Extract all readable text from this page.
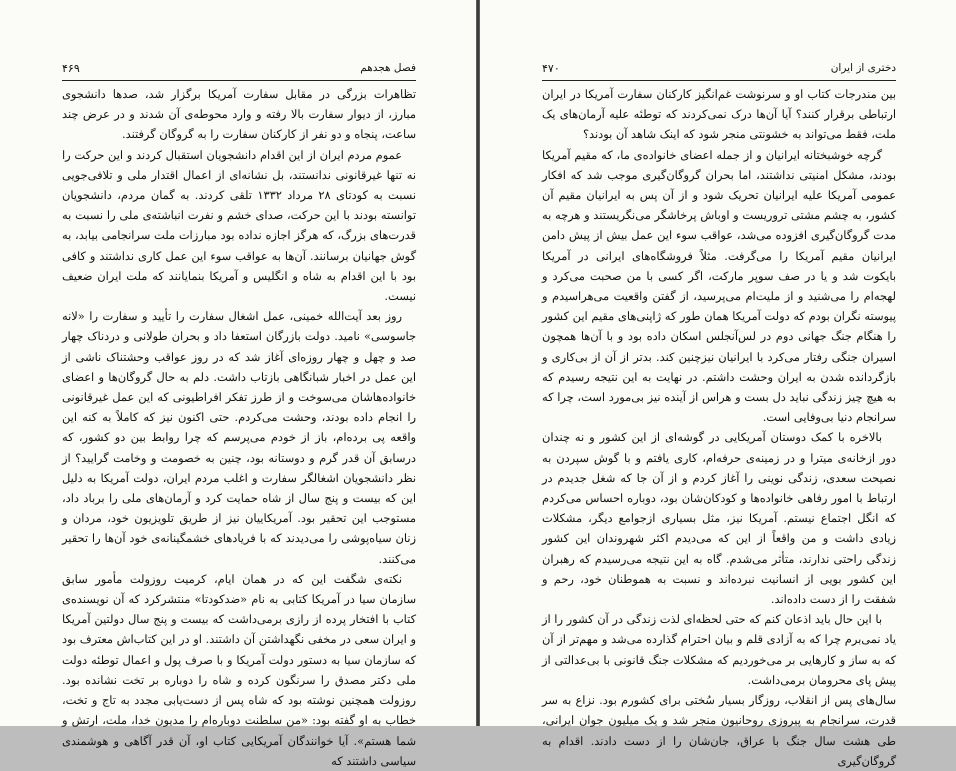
۴۶۹	فصل هجدهم

تظاهرات بزرگی در مقابل سفارت آمریکا برگزار شد، صدها دانشجوی مبارز، از دیوار سفارت بالا رفته و وارد محوطه‌ی آن شدند و در عرض چند ساعت، پنجاه و دو نفر از کارکنان سفارت را به گروگان گرفتند.

عموم مردم ایران از این اقدام دانشجویان استقبال کردند و این حرکت را نه تنها غیرقانونی ندانستند، بل نشانه‌ای از اعمال اقتدار ملی و تلافی‌جویی نسبت به کودتای ۲۸ مرداد ۱۳۳۲ تلقی کردند. به گمان مردم، دانشجویان توانسته بودند با این حرکت، صدای خشم و نفرت انباشته‌ی ملی را نسبت به قدرت‌های بزرگ، که هرگز اجازه نداده بود مبارزات ملت سرانجامی بیابد، به گوش جهانیان برسانند. آن‌ها به عواقب سوء این عمل کاری نداشتند و کافی بود با این اقدام به شاه و انگلیس و آمریکا بنمایانند که ملت ایران ضعیف نیست.

روز بعد آیت‌الله خمینی، عمل اشغال سفارت را تأیید و سفارت را «لانه جاسوسی» نامید. دولت بازرگان استعفا داد و بحران طولانی و دردناک چهار صد و چهل و چهار روزه‌ای آغاز شد که در روز عواقب وحشتناک ناشی از این عمل در اخبار شبانگاهی بازتاب داشت. دلم به حال گروگان‌ها و اعضای خانواده‌هاشان می‌سوخت و از طرز تفکر افراطیونی که این عمل غیرقانونی را انجام داده بودند، وحشت می‌کردم. حتی اکنون نیز که کاملاً به کنه این واقعه پی برده‌ام، باز از خودم می‌پرسم که چرا روابط بین دو کشور، که درسابق آن قدر گرم و دوستانه بود، چنین به خصومت و وخامت گرایید؟ از نظر دانشجویان اشغالگر سفارت و اغلب مردم ایران، دولت آمریکا به دلیل این که بیست و پنج سال از شاه حمایت کرد و آرمان‌های ملی را برباد داد، مستوجب این تحقیر بود. آمریکاییان نیز از طریق تلویزیون خود، مردان و زنان سیاه‌پوشی را می‌دیدند که با فریادهای خشمگینانه‌ی خود آن‌ها را تحقیر می‌کنند.

نکته‌ی شگفت این که در همان ایام، کرمیت روزولت مأمور سابق سازمان سیا در آمریکا کتابی به نام «ضدکودتا» منتشرکرد که آن نویسنده‌ی کتاب با افتخار پرده از رازی برمی‌داشت که بیست و پنج سال دولتین آمریکا و ایران سعی در مخفی نگهداشتن آن داشتند. او در این کتاب‌اش معترف بود که سازمان سیا به دستور دولت آمریکا و با صرف پول و اعمال توطئه دولت ملی دکتر مصدق را سرنگون کرده و شاه را دوباره بر تخت نشانده بود. روزولت همچنین نوشته بود که شاه پس از دست‌یابی مجدد به تاج و تخت، خطاب به او گفته بود: «من سلطنت دوباره‌ام را مدیون خدا، ملت، ارتش و شما هستم». آیا خوانندگان آمریکایی کتاب او، آن قدر آگاهی و هوشمندی سیاسی داشتند که

۴۷۰	دختری از ایران

بین مندرجات کتاب او و سرنوشت غم‌انگیز کارکنان سفارت آمریکا در ایران ارتباطی برقرار کنند؟ آیا آن‌ها درک نمی‌کردند که توطئه علیه آرمان‌های یک ملت، فقط می‌تواند به خشونتی منجر شود که اینک شاهد آن بودند؟

گرچه خوشبختانه ایرانیان و از جمله اعضای خانواده‌ی ما، که مقیم آمریکا بودند، مشکل امنیتی نداشتند، اما بحران گروگان‌گیری موجب شد که افکار عمومی آمریکا علیه ایرانیان تحریک شود و از آن پس به ایرانیان مقیم آن کشور، به چشم مشتی تروریست و اوباش پرخاشگر می‌نگریستند و هرچه به مدت گروگان‌گیری افزوده می‌شد، عواقب سوء این عمل بیش از پیش دامن ایرانیان مقیم آمریکا را می‌گرفت. مثلاً فروشگاه‌های ایرانی در آمریکا بایکوت شد و یا در صف سوپر مارکت، اگر کسی با من صحبت می‌کرد و لهجه‌ام را می‌شنید و از ملیت‌ام می‌پرسید، از گفتن واقعیت می‌هراسیدم و پیوسته نگران بودم که دولت آمریکا همان طور که ژاپنی‌های مقیم این کشور را هنگام جنگ جهانی دوم در لس‌آنجلس اسکان داده بود و با آن‌ها همچون اسیران جنگی رفتار می‌کرد با ایرانیان نیزچنین کند. بدتر از آن از بی‌کاری و بازگردانده شدن به ایران وحشت داشتم. در نهایت به این نتیجه رسیدم که به هیچ چیز زندگی نباید دل بست و هراس از آینده نیز بی‌مورد است، چرا که سرانجام دنیا بی‌وفایی است.

بالاخره با کمک دوستان آمریکایی در گوشه‌ای از این کشور و نه چندان دور ازخانه‌ی میترا و در زمینه‌ی حرفه‌ام، کاری یافتم و با گوش سپردن به نصیحت سعدی، زندگی نوینی را آغاز کردم و از آن جا که شغل جدیدم در ارتباط با امور رفاهی خانواده‌ها و کودکان‌شان بود، دوباره احساس می‌کردم که انگل اجتماع نیستم. آمریکا نیز، مثل بسیاری ازجوامع دیگر، مشکلات زیادی داشت و من واقعاً از این که می‌دیدم اکثر شهروندان این کشور زندگی راحتی ندارند، متأثر می‌شدم. گاه به این نتیجه می‌رسیدم که رهبران این کشور بویی از انسانیت نبرده‌اند و نسبت به هموطنان خود، رحم و شفقت را از دست داده‌اند.

با این حال باید اذعان کنم که حتی لحظه‌ای لذت زندگی در آن کشور را از یاد نمی‌برم چرا که به آزادی قلم و بیان احترام گذارده می‌شد و مهم‌تر از آن که به ساز و کارهایی بر می‌خوردیم که مشکلات جنگ قانونی با بی‌عدالتی از پیش پای محرومان برمی‌داشت.

سال‌های پس از انقلاب، روزگار بسیار سُختی برای کشورم بود. نزاع به سر قدرت، سرانجام به پیروزی روحانیون منجر شد و یک میلیون جوان ایرانی، طی هشت سال جنگ با عراق، جان‌شان را از دست دادند. اقدام به گروگان‌گیری
